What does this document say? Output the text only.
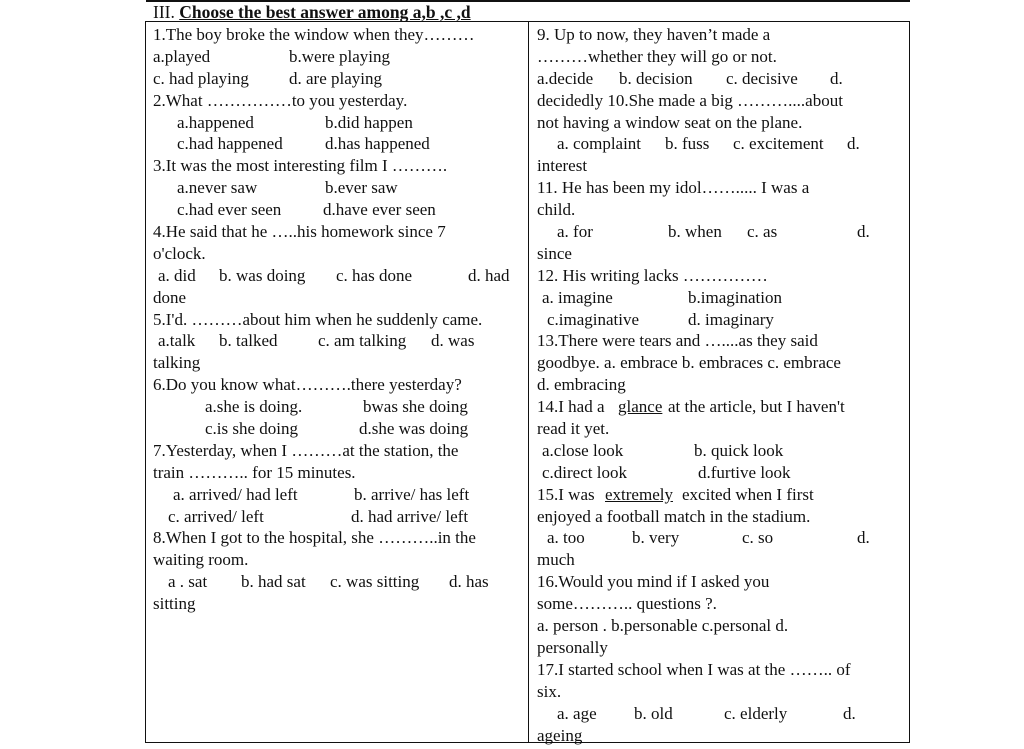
III. Choose the best answer among a,b ,c ,d
1.The boy broke the window when they………
a.played	b.were playing
c. had playing d. are playing
2.What ……………to you yesterday.
a.happened	b.did happen
c.had happened d.has happened
3.It was the most interesting film I ……….
a.never saw	b.ever saw
c.had ever seen d.have ever seen
4.He said that he …..his homework since 7
o'clock.
a. did b. was doing c. has done	d. had
done
5.I'd. ………about him when he suddenly came.
a.talk b. talked c. am talking d. was
talking
6.Do you know what……….there yesterday?
a.she is doing.	bwas she doing
c.is she doing	d.she was doing
7.Yesterday, when I ………at the station, the
train ……….. for 15 minutes.
a. arrived/ had left	b. arrive/ has left
c. arrived/ left	d. had arrive/ left
8.When I got to the hospital, she ………..in the
waiting room.
a . sat b. had sat c. was sitting d. has
sitting
9. Up to now, they haven’t made a
………whether they will go or not.
a.decide b. decision c. decisive d.
decidedly 10.She made a big ………....about
not having a window seat on the plane.
a. complaint b. fuss c. excitement d.
interest
11. He has been my idol……..... I was a
child.
a. for	b. when c. as	d.
since
12. His writing lacks ……………
a. imagine	b.imagination
c.imaginative	d. imaginary
13.There were tears and …....as they said
goodbye. a. embrace b. embraces c. embrace
d. embracing
14.I had a glance at the article, but I haven't
read it yet.
a.close look	b. quick look
c.direct look	d.furtive look
15.I was extremely excited when I first
enjoyed a football match in the stadium.
a. too	b. very	c. so	d.
much
16.Would you mind if I asked you
some……….. questions ?.
a. person . b.personable c.personal d.
personally
17.I started school when I was at the …….. of
six.
a. age b. old	c. elderly	d.
ageing
